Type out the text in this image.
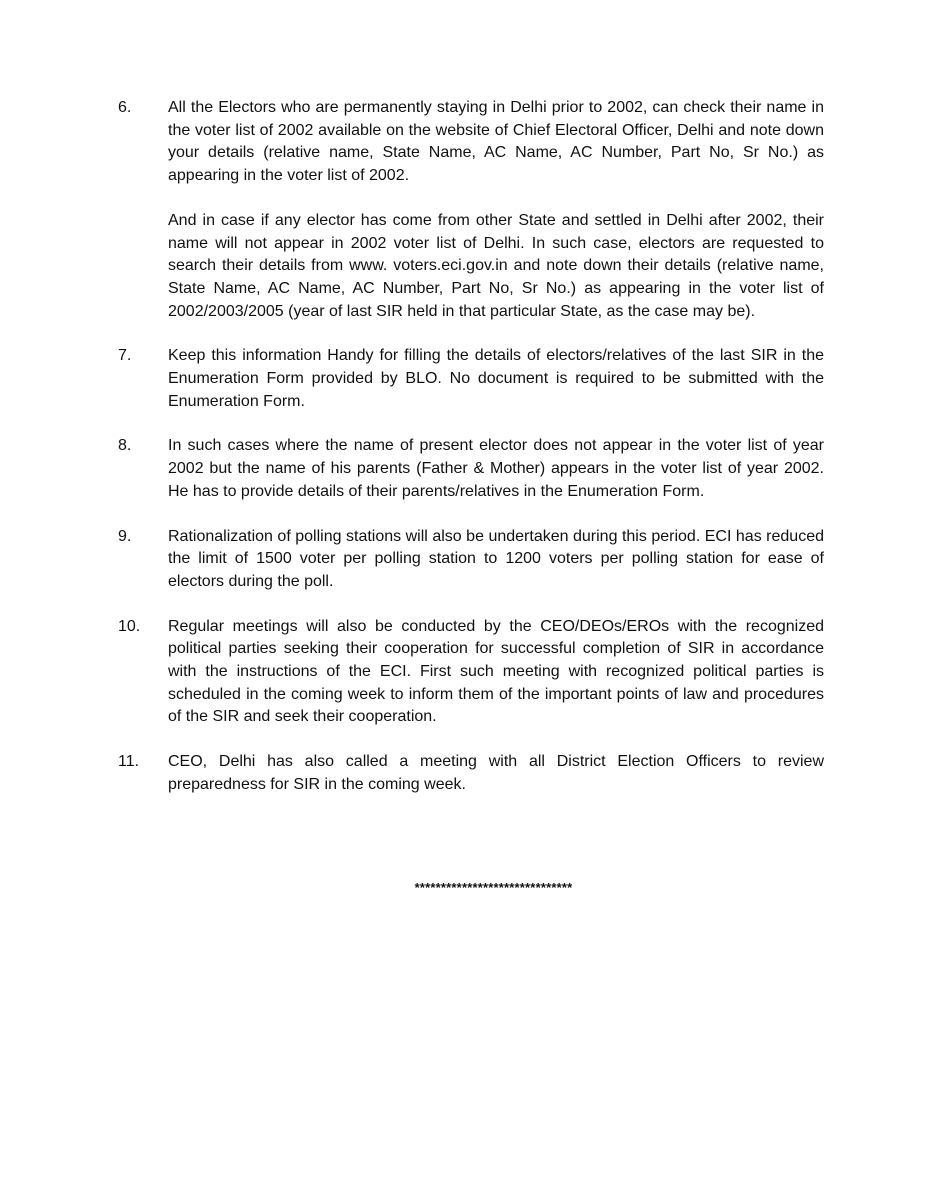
6.	All the Electors who are permanently staying in Delhi prior to 2002, can check their name in the voter list of 2002 available on the website of Chief Electoral Officer, Delhi and note down your details (relative name, State Name, AC Name, AC Number, Part No, Sr No.) as appearing in the voter list of 2002.

And in case if any elector has come from other State and settled in Delhi after 2002, their name will not appear in 2002 voter list of Delhi. In such case, electors are requested to search their details from www. voters.eci.gov.in and note down their details (relative name, State Name, AC Name, AC Number, Part No, Sr No.) as appearing in the voter list of 2002/2003/2005 (year of last SIR held in that particular State, as the case may be).

7.	Keep this information Handy for filling the details of electors/relatives of the last SIR in the Enumeration Form provided by BLO. No document is required to be submitted with the Enumeration Form.

8.	In such cases where the name of present elector does not appear in the voter list of year 2002 but the name of his parents (Father & Mother) appears in the voter list of year 2002. He has to provide details of their parents/relatives in the Enumeration Form.

9.	Rationalization of polling stations will also be undertaken during this period. ECI has reduced the limit of 1500 voter per polling station to 1200 voters per polling station for ease of electors during the poll.

10.	Regular meetings will also be conducted by the CEO/DEOs/EROs with the recognized political parties seeking their cooperation for successful completion of SIR in accordance with the instructions of the ECI. First such meeting with recognized political parties is scheduled in the coming week to inform them of the important points of law and procedures of the SIR and seek their cooperation.

11.	CEO, Delhi has also called a meeting with all District Election Officers to review preparedness for SIR in the coming week.

******************************
